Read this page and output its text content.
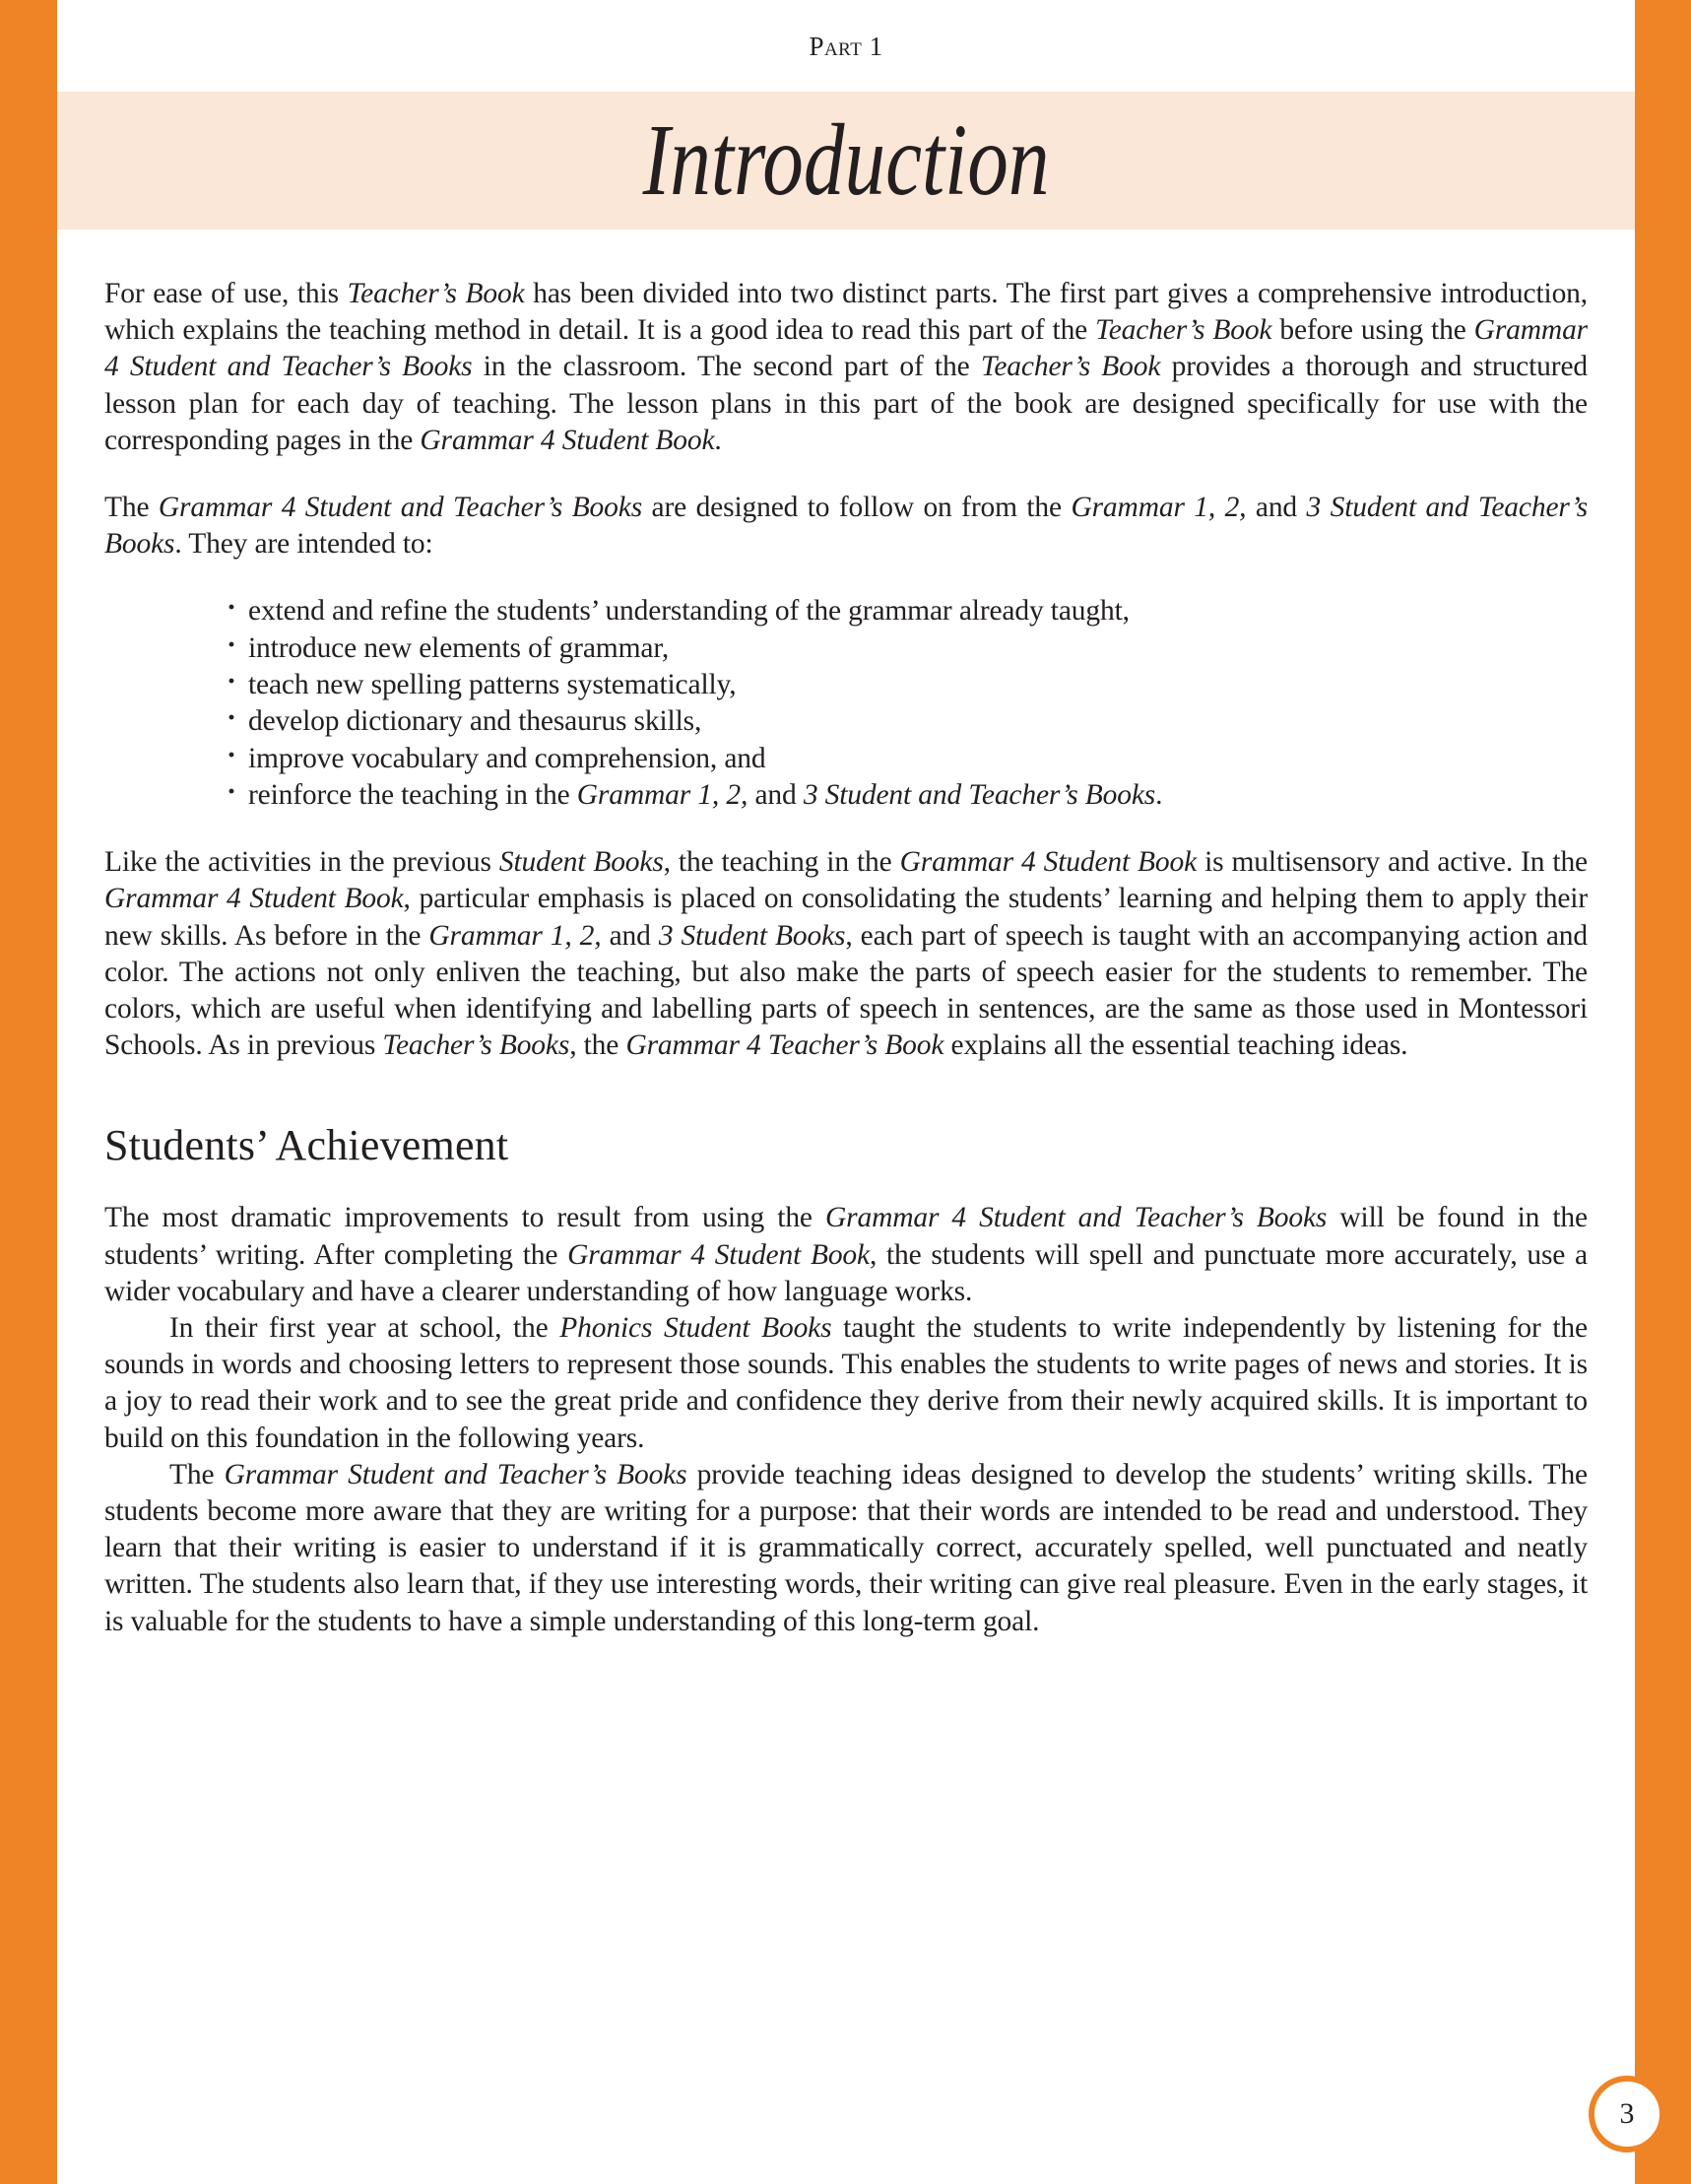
Part 1
Introduction

For ease of use, this Teacher’s Book has been divided into two distinct parts. The first part gives a comprehensive introduction, which explains the teaching method in detail. It is a good idea to read this part of the Teacher’s Book before using the Grammar 4 Student and Teacher’s Books in the classroom. The second part of the Teacher’s Book provides a thorough and structured lesson plan for each day of teaching. The lesson plans in this part of the book are designed specifically for use with the corresponding pages in the Grammar 4 Student Book.

The Grammar 4 Student and Teacher’s Books are designed to follow on from the Grammar 1, 2, and 3 Student and Teacher’s Books. They are intended to:

· extend and refine the students’ understanding of the grammar already taught,
· introduce new elements of grammar,
· teach new spelling patterns systematically,
· develop dictionary and thesaurus skills,
· improve vocabulary and comprehension, and
· reinforce the teaching in the Grammar 1, 2, and 3 Student and Teacher’s Books.

Like the activities in the previous Student Books, the teaching in the Grammar 4 Student Book is multisensory and active. In the Grammar 4 Student Book, particular emphasis is placed on consolidating the students’ learning and helping them to apply their new skills. As before in the Grammar 1, 2, and 3 Student Books, each part of speech is taught with an accompanying action and color. The actions not only enliven the teaching, but also make the parts of speech easier for the students to remember. The colors, which are useful when identifying and labelling parts of speech in sentences, are the same as those used in Montessori Schools. As in previous Teacher’s Books, the Grammar 4 Teacher’s Book explains all the essential teaching ideas.

Students’ Achievement

The most dramatic improvements to result from using the Grammar 4 Student and Teacher’s Books will be found in the students’ writing. After completing the Grammar 4 Student Book, the students will spell and punctuate more accurately, use a wider vocabulary and have a clearer understanding of how language works.

In their first year at school, the Phonics Student Books taught the students to write independently by listening for the sounds in words and choosing letters to represent those sounds. This enables the students to write pages of news and stories. It is a joy to read their work and to see the great pride and confidence they derive from their newly acquired skills. It is important to build on this foundation in the following years.

The Grammar Student and Teacher’s Books provide teaching ideas designed to develop the students’ writing skills. The students become more aware that they are writing for a purpose: that their words are intended to be read and understood. They learn that their writing is easier to understand if it is grammatically correct, accurately spelled, well punctuated and neatly written. The students also learn that, if they use interesting words, their writing can give real pleasure. Even in the early stages, it is valuable for the students to have a simple understanding of this long-term goal.

3
